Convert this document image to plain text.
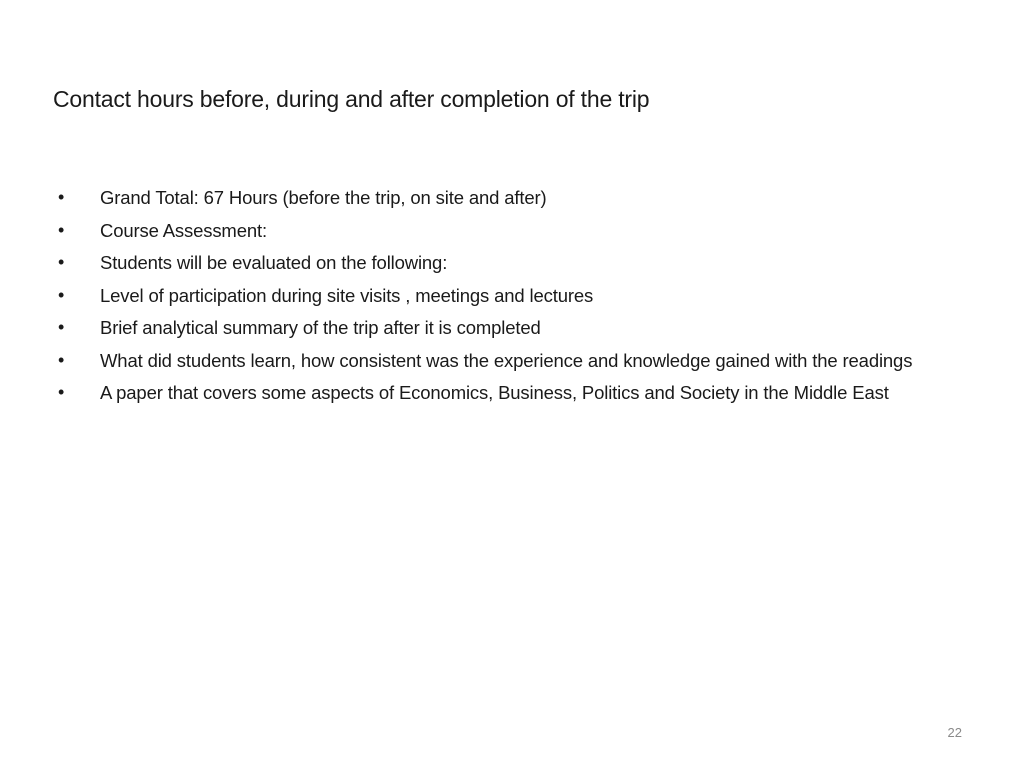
Contact hours before, during and after completion of the trip
•	Grand Total: 67 Hours (before the trip, on site and after)
•	Course Assessment:
•	Students will be evaluated on the following:
•	Level of participation during site visits , meetings and lectures
•	Brief analytical summary of the trip after it is completed
•	What did students learn, how consistent was the experience and knowledge gained with the readings
•	A paper that covers some aspects of Economics, Business, Politics and Society in the Middle East
22
